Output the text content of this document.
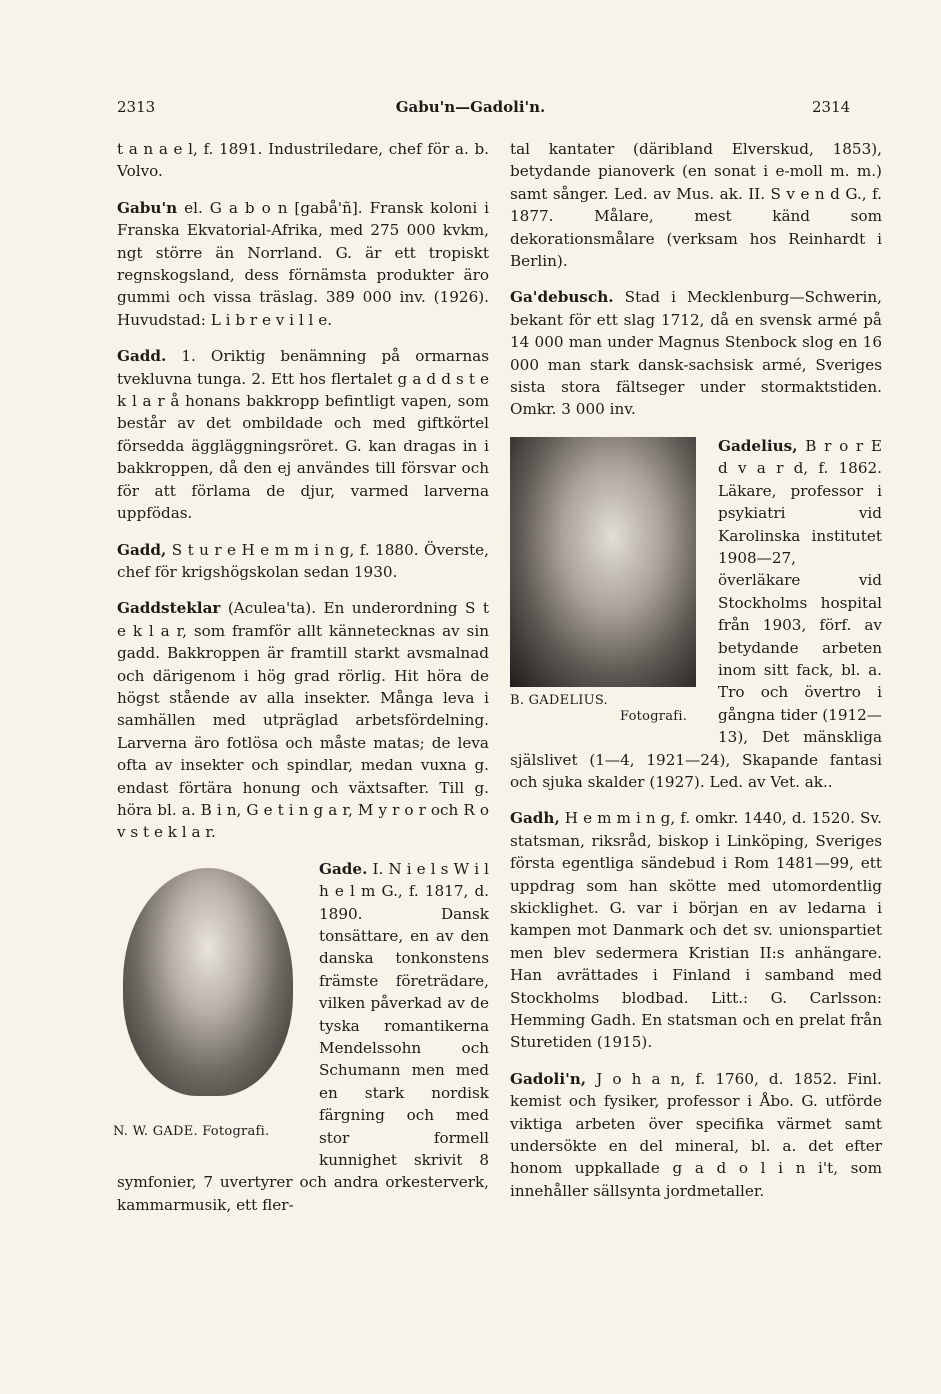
2313	Gabu'n—Gadoli'n.	2314

t a n a e l, f. 1891. Industriledare, chef för a. b. Volvo.

Gabu'n el. G a b o n [gabå'ñ]. Fransk koloni i Franska Ekvatorial-Afrika, med 275 000 kvkm, ngt större än Norrland. G. är ett tropiskt regnskogsland, dess förnämsta produkter äro gummi och vissa träslag. 389 000 inv. (1926). Huvudstad: L i b r e v i l l e.

Gadd. 1. Oriktig benämning på ormarnas tvekluvna tunga. 2. Ett hos flertalet g a d d s t e k l a r å honans bakkropp befintligt vapen, som består av det ombildade och med giftkörtel försedda äggläggningsröret. G. kan dragas in i bakkroppen, då den ej användes till försvar och för att förlama de djur, varmed larverna uppfödas.

Gadd, S t u r e H e m m i n g, f. 1880. Överste, chef för krigshögskolan sedan 1930.

Gaddsteklar (Aculea'ta). En underordning S t e k l a r, som framför allt kännetecknas av sin gadd. Bakkroppen är framtill starkt avsmalnad och därigenom i hög grad rörlig. Hit höra de högst stående av alla insekter. Många leva i samhällen med utpräglad arbetsfördelning. Larverna äro fotlösa och måste matas; de leva ofta av insekter och spindlar, medan vuxna g. endast förtära honung och växtsafter. Till g. höra bl. a. B i n, G e t i n g a r, M y r o r och R o v s t e k l a r.

N. W. GADE. Fotografi.
Gade. I. N i e l s W i l h e l m G., f. 1817, d. 1890. Dansk tonsättare, en av den danska tonkonstens främste företrädare, vilken påverkad av de tyska romantikerna Mendelssohn och Schumann men med en stark nordisk färgning och med stor formell kunnighet skrivit 8 symfonier, 7 uvertyrer och andra orkesterverk, kammarmusik, ett fler-

tal kantater (däribland Elverskud, 1853), betydande pianoverk (en sonat i e-moll m. m.) samt sånger. Led. av Mus. ak. II. S v e n d G., f. 1877. Målare, mest känd som dekorationsmålare (verksam hos Reinhardt i Berlin).

Ga'debusch. Stad i Mecklenburg—Schwerin, bekant för ett slag 1712, då en svensk armé på 14 000 man under Magnus Stenbock slog en 16 000 man stark dansk-sachsisk armé, Sveriges sista stora fältseger under stormaktstiden. Omkr. 3 000 inv.

B. GADELIUS.
Fotografi.
Gadelius, B r o r E d v a r d, f. 1862. Läkare, professor i psykiatri vid Karolinska institutet 1908—27, överläkare vid Stockholms hospital från 1903, förf. av betydande arbeten inom sitt fack, bl. a. Tro och övertro i gångna tider (1912—13), Det mänskliga själslivet (1—4, 1921—24), Skapande fantasi och sjuka skalder (1927). Led. av Vet. ak..

Gadh, H e m m i n g, f. omkr. 1440, d. 1520. Sv. statsman, riksråd, biskop i Linköping, Sveriges första egentliga sändebud i Rom 1481—99, ett uppdrag som han skötte med utomordentlig skicklighet. G. var i början en av ledarna i kampen mot Danmark och det sv. unionspartiet men blev sedermera Kristian II:s anhängare. Han avrättades i Finland i samband med Stockholms blodbad. Litt.: G. Carlsson: Hemming Gadh. En statsman och en prelat från Sturetiden (1915).

Gadoli'n, J o h a n, f. 1760, d. 1852. Finl. kemist och fysiker, professor i Åbo. G. utförde viktiga arbeten över specifika värmet samt undersökte en del mineral, bl. a. det efter honom uppkallade g a d o l i n i't, som innehåller sällsynta jordmetaller.
